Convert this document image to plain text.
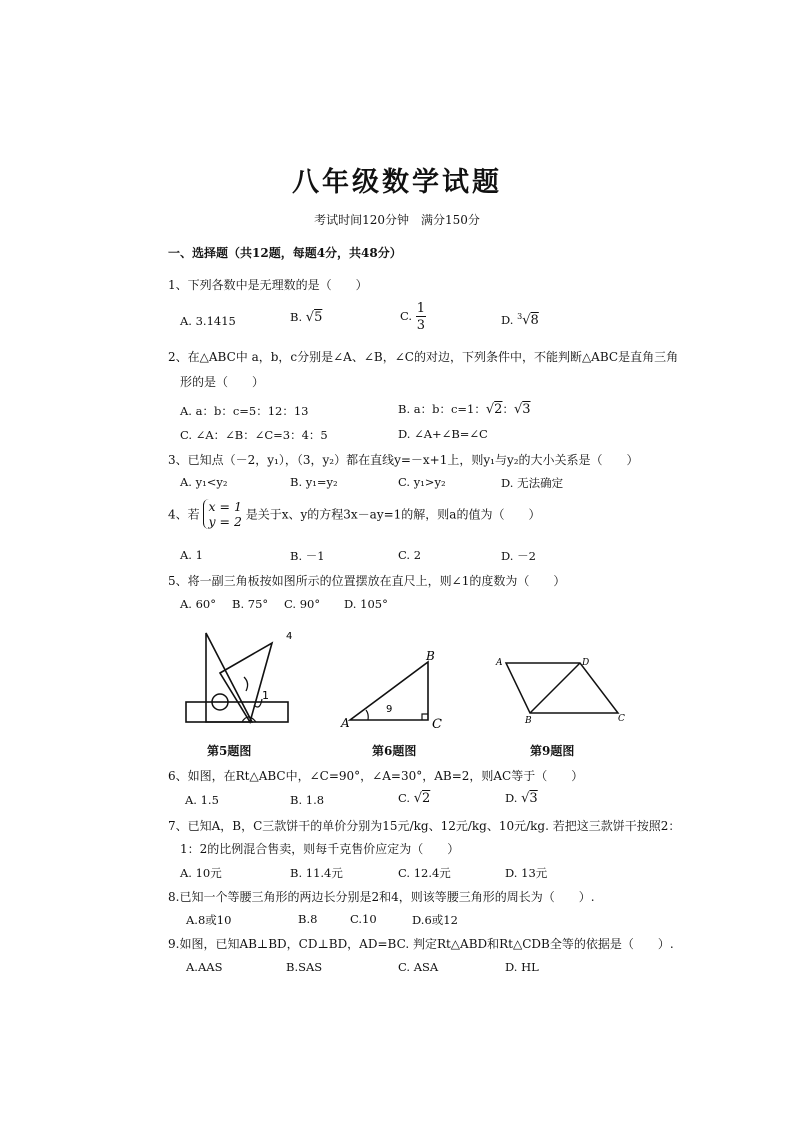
八年级数学试题
考试时间120分钟　满分150分
一、选择题（共12题，每题4分，共48分）
1、下列各数中是无理数的是（　　）
A. 3.1415	B. √5	C. $\frac{1}{3}$	D. $^3$√8
2、在△ABC中 a，b，c分别是∠A、∠B，∠C的对边，下列条件中，不能判断△ABC是直角三角
形的是（　　）
A. a：b：c=5：12：13	B. a：b：c=1：√2：√3
C. ∠A：∠B：∠C=3：4：5	D. ∠A+∠B=∠C
3、已知点（－2，y₁），（3，y₂）都在直线y=－x+1上，则y₁与y₂的大小关系是（　　）
A. y₁<y₂	B. y₁=y₂	C. y₁>y₂	D. 无法确定
4、若
x = 1
y = 2 是关于x、y的方程3x－ay=1的解，则a的值为（　　）
A. 1	B. －1	C. 2	D. －2
5、将一副三角板按如图所示的位置摆放在直尺上，则∠1的度数为（　　）
A. 60° B. 75° C. 90° D. 105°
1
4
第5题图
A
B
C
9
第6题图
A	D
B	C
第9题图
6、如图，在Rt△ABC中，∠C=90°，∠A=30°，AB=2，则AC等于（　　）
A. 1.5	B. 1.8	C. √2	D. √3
7、已知A，B，C三款饼干的单价分别为15元/kg、12元/kg、10元/kg. 若把这三款饼干按照2：
1：2的比例混合售卖，则每千克售价应定为（　　）
A. 10元	B. 11.4元	C. 12.4元	D. 13元
8.已知一个等腰三角形的两边长分别是2和4，则该等腰三角形的周长为（　　）.
A.8或10	B.8	C.10	D.6或12
9.如图，已知AB⊥BD，CD⊥BD，AD=BC. 判定Rt△ABD和Rt△CDB全等的依据是（　　）.
A.AAS	B.SAS	C. ASA	D. HL
